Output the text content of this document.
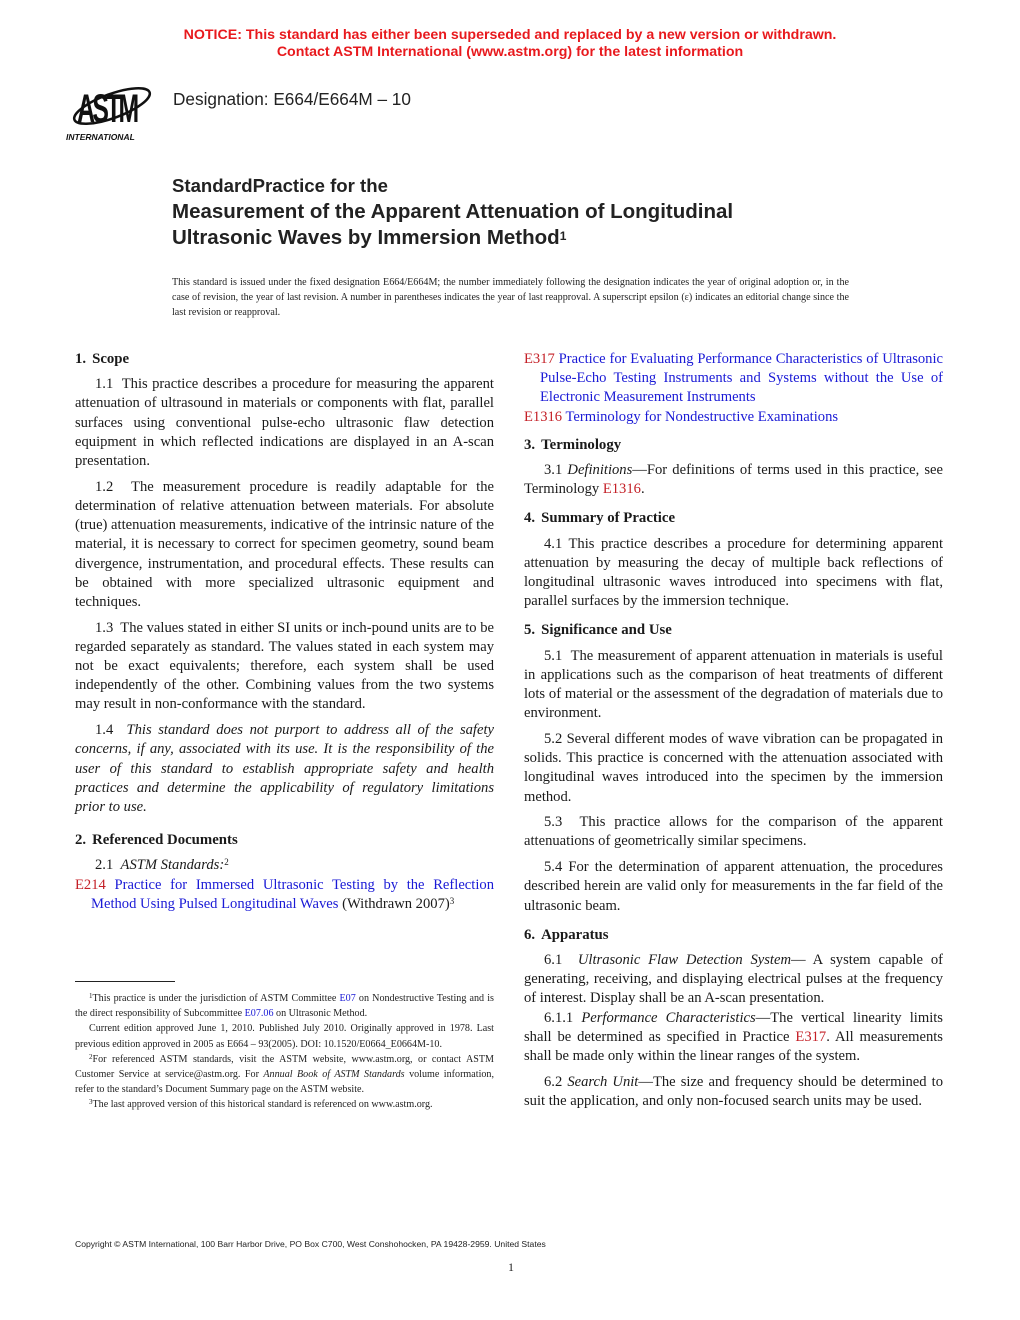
NOTICE: This standard has either been superseded and replaced by a new version or withdrawn.
Contact ASTM International (www.astm.org) for the latest information
ASTM
INTERNATIONAL
Designation: E664/E664M – 10
StandardPractice for the
Measurement of the Apparent Attenuation of Longitudinal
Ultrasonic Waves by Immersion Method$^1$
This standard is issued under the fixed designation E664/E664M; the number immediately following the designation indicates the year of original adoption or, in the case of revision, the year of last revision. A number in parentheses indicates the year of last reapproval. A superscript epsilon (ε) indicates an editorial change since the last revision or reapproval.
1. Scope

1.1 This practice describes a procedure for measuring the apparent attenuation of ultrasound in materials or components with flat, parallel surfaces using conventional pulse-echo ultrasonic flaw detection equipment in which reflected indications are displayed in an A-scan presentation.

1.2 The measurement procedure is readily adaptable for the determination of relative attenuation between materials. For absolute (true) attenuation measurements, indicative of the intrinsic nature of the material, it is necessary to correct for specimen geometry, sound beam divergence, instrumentation, and procedural effects. These results can be obtained with more specialized ultrasonic equipment and techniques.

1.3 The values stated in either SI units or inch-pound units are to be regarded separately as standard. The values stated in each system may not be exact equivalents; therefore, each system shall be used independently of the other. Combining values from the two systems may result in non-conformance with the standard.

1.4 This standard does not purport to address all of the safety concerns, if any, associated with its use. It is the responsibility of the user of this standard to establish appropriate safety and health practices and determine the applicability of regulatory limitations prior to use.

2. Referenced Documents

2.1 ASTM Standards:$^2$

E214 Practice for Immersed Ultrasonic Testing by the Reflection Method Using Pulsed Longitudinal Waves (Withdrawn 2007)$^3$

$^1$This practice is under the jurisdiction of ASTM Committee E07 on Nondestructive Testing and is the direct responsibility of Subcommittee E07.06 on Ultrasonic Method.

Current edition approved June 1, 2010. Published July 2010. Originally approved in 1978. Last previous edition approved in 2005 as E664 – 93(2005). DOI: 10.1520/E0664_E0664M-10.

$^2$For referenced ASTM standards, visit the ASTM website, www.astm.org, or contact ASTM Customer Service at service@astm.org. For Annual Book of ASTM Standards volume information, refer to the standard’s Document Summary page on the ASTM website.

$^3$The last approved version of this historical standard is referenced on www.astm.org.

E317 Practice for Evaluating Performance Characteristics of Ultrasonic Pulse-Echo Testing Instruments and Systems without the Use of Electronic Measurement Instruments
E1316 Terminology for Nondestructive Examinations
3. Terminology

3.1 Definitions—For definitions of terms used in this practice, see Terminology E1316.

4. Summary of Practice

4.1 This practice describes a procedure for determining apparent attenuation by measuring the decay of multiple back reflections of longitudinal ultrasonic waves introduced into specimens with flat, parallel surfaces by the immersion technique.

5. Significance and Use

5.1 The measurement of apparent attenuation in materials is useful in applications such as the comparison of heat treatments of different lots of material or the assessment of the degradation of materials due to environment.

5.2 Several different modes of wave vibration can be propagated in solids. This practice is concerned with the attenuation associated with longitudinal waves introduced into the specimen by the immersion method.

5.3 This practice allows for the comparison of the apparent attenuations of geometrically similar specimens.

5.4 For the determination of apparent attenuation, the procedures described herein are valid only for measurements in the far field of the ultrasonic beam.

6. Apparatus

6.1 Ultrasonic Flaw Detection System— A system capable of generating, receiving, and displaying electrical pulses at the frequency of interest. Display shall be an A-scan presentation.

6.1.1 Performance Characteristics—The vertical linearity limits shall be determined as specified in Practice E317. All measurements shall be made only within the linear ranges of the system.

6.2 Search Unit—The size and frequency should be determined to suit the application, and only non-focused search units may be used.

Copyright © ASTM International, 100 Barr Harbor Drive, PO Box C700, West Conshohocken, PA 19428-2959. United States
1
